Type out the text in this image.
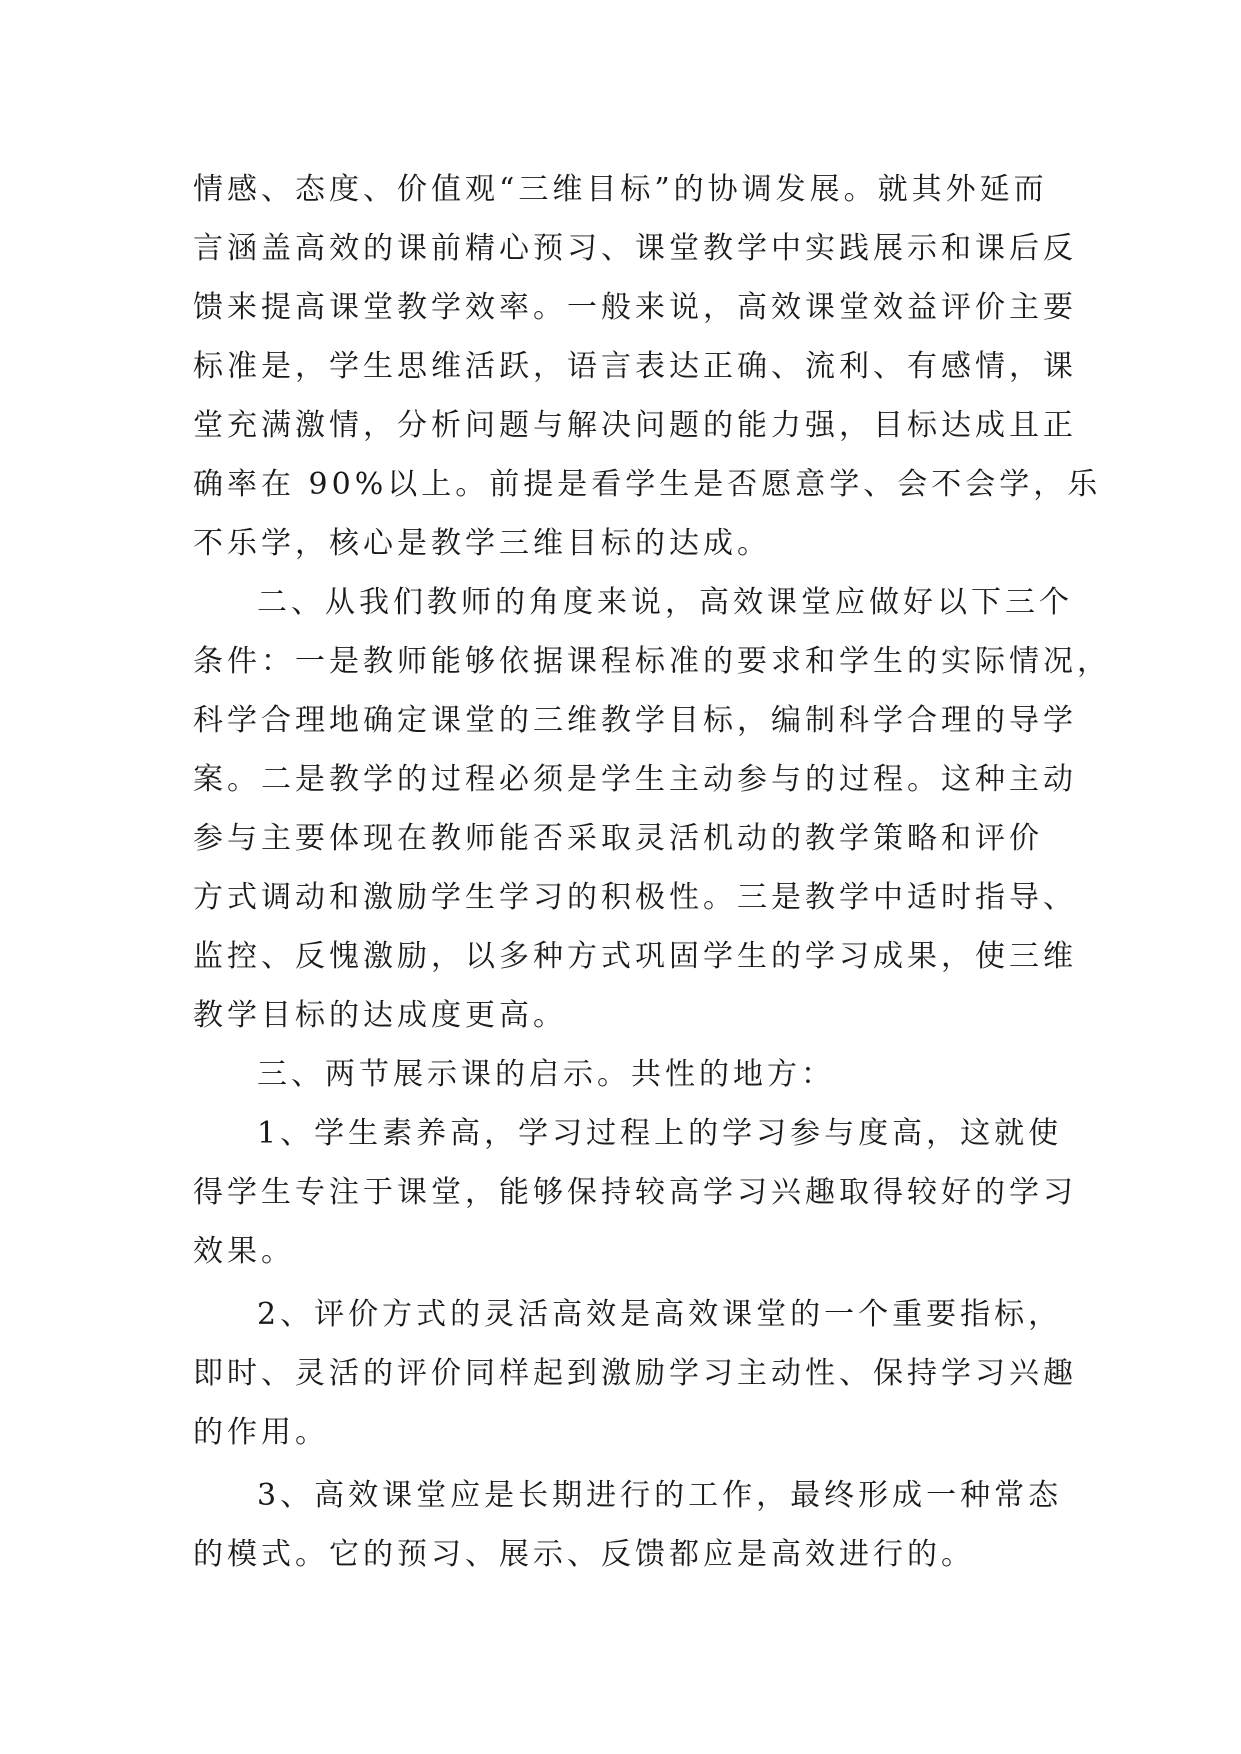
情感、态度、价值观“三维目标”的协调发展。就其外延而

言涵盖高效的课前精心预习、课堂教学中实践展示和课后反

馈来提高课堂教学效率。一般来说，高效课堂效益评价主要

标准是，学生思维活跃，语言表达正确、流利、有感情，课

堂充满激情，分析问题与解决问题的能力强，目标达成且正

确率在 90%以上。前提是看学生是否愿意学、会不会学，乐

不乐学，核心是教学三维目标的达成。

二、从我们教师的角度来说，高效课堂应做好以下三个

条件：一是教师能够依据课程标准的要求和学生的实际情况，

科学合理地确定课堂的三维教学目标，编制科学合理的导学

案。二是教学的过程必须是学生主动参与的过程。这种主动

参与主要体现在教师能否采取灵活机动的教学策略和评价

方式调动和激励学生学习的积极性。三是教学中适时指导、

监控、反愧激励，以多种方式巩固学生的学习成果，使三维

教学目标的达成度更高。

三、两节展示课的启示。共性的地方：

1、学生素养高，学习过程上的学习参与度高，这就使

得学生专注于课堂，能够保持较高学习兴趣取得较好的学习

效果。

2、评价方式的灵活高效是高效课堂的一个重要指标，

即时、灵活的评价同样起到激励学习主动性、保持学习兴趣

的作用。

3、高效课堂应是长期进行的工作，最终形成一种常态

的模式。它的预习、展示、反馈都应是高效进行的。
